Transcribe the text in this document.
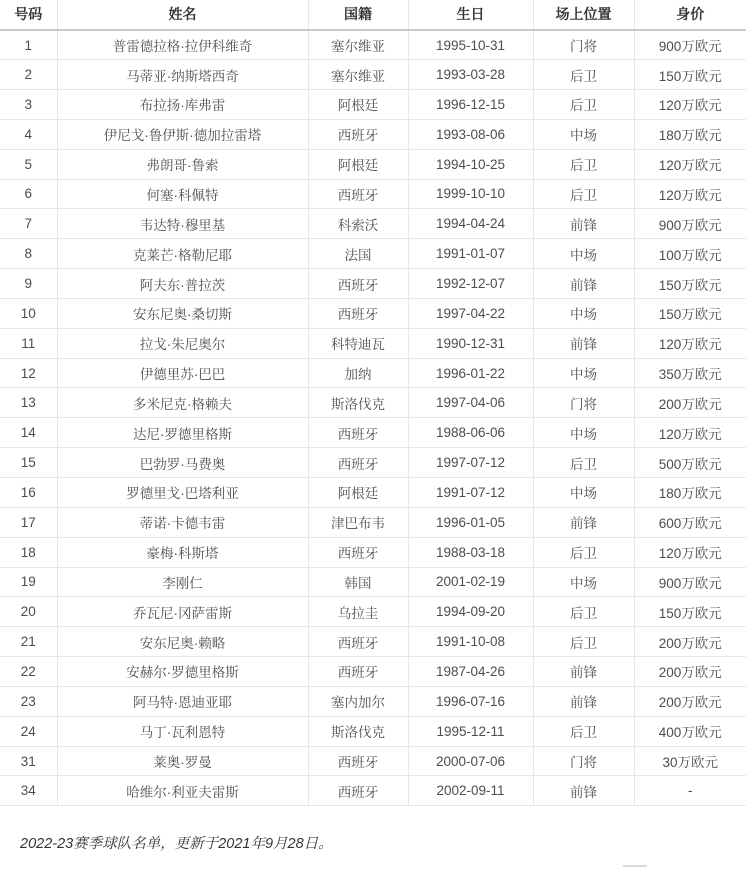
号码	姓名	国籍	生日	场上位置	身价
1	普雷德拉格·拉伊科维奇	塞尔维亚	1995-10-31	门将	900万欧元
2	马蒂亚·纳斯塔西奇	塞尔维亚	1993-03-28	后卫	150万欧元
3	布拉扬·库弗雷	阿根廷	1996-12-15	后卫	120万欧元
4	伊尼戈·鲁伊斯·德加拉雷塔	西班牙	1993-08-06	中场	180万欧元
5	弗朗哥·鲁索	阿根廷	1994-10-25	后卫	120万欧元
6	何塞·科佩特	西班牙	1999-10-10	后卫	120万欧元
7	韦达特·穆里基	科索沃	1994-04-24	前锋	900万欧元
8	克莱芒·格勒尼耶	法国	1991-01-07	中场	100万欧元
9	阿夫东·普拉茨	西班牙	1992-12-07	前锋	150万欧元
10	安东尼奥·桑切斯	西班牙	1997-04-22	中场	150万欧元
11	拉戈·朱尼奥尔	科特迪瓦	1990-12-31	前锋	120万欧元
12	伊德里苏·巴巴	加纳	1996-01-22	中场	350万欧元
13	多米尼克·格赖夫	斯洛伐克	1997-04-06	门将	200万欧元
14	达尼·罗德里格斯	西班牙	1988-06-06	中场	120万欧元
15	巴勃罗·马费奥	西班牙	1997-07-12	后卫	500万欧元
16	罗德里戈·巴塔利亚	阿根廷	1991-07-12	中场	180万欧元
17	蒂诺·卡德韦雷	津巴布韦	1996-01-05	前锋	600万欧元
18	豪梅·科斯塔	西班牙	1988-03-18	后卫	120万欧元
19	李刚仁	韩国	2001-02-19	中场	900万欧元
20	乔瓦尼·冈萨雷斯	乌拉圭	1994-09-20	后卫	150万欧元
21	安东尼奥·赖略	西班牙	1991-10-08	后卫	200万欧元
22	安赫尔·罗德里格斯	西班牙	1987-04-26	前锋	200万欧元
23	阿马特·恩迪亚耶	塞内加尔	1996-07-16	前锋	200万欧元
24	马丁·瓦利恩特	斯洛伐克	1995-12-11	后卫	400万欧元
31	莱奥·罗曼	西班牙	2000-07-06	门将	30万欧元
34	哈维尔·利亚夫雷斯	西班牙	2002-09-11	前锋	-

2022-23赛季球队名单，更新于2021年9月28日。
